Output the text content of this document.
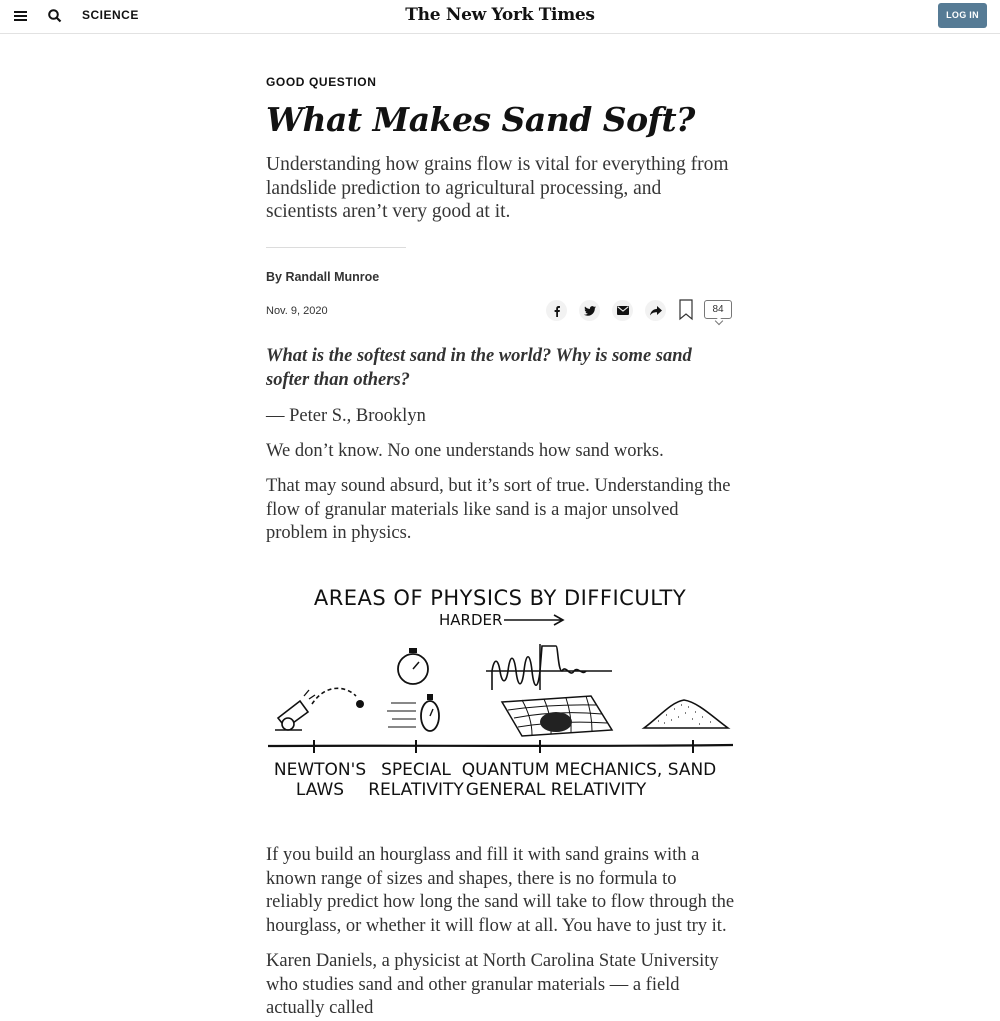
SCIENCE	The New York Times	LOG IN
GOOD QUESTION
What Makes Sand Soft?

Understanding how grains flow is vital for everything from landslide prediction to agricultural processing, and scientists aren’t very good at it.

By Randall Munroe
Nov. 9, 2020	84

What is the softest sand in the world? Why is some sand softer than others?

— Peter S., Brooklyn

We don’t know. No one understands how sand works.

That may sound absurd, but it’s sort of true. Understanding the flow of granular materials like sand is a major unsolved problem in physics.

AREAS OF PHYSICS BY DIFFICULTY
HARDER
NEWTON'S
LAWS
SPECIAL
RELATIVITY
QUANTUM MECHANICS,
GENERAL RELATIVITY
SAND

If you build an hourglass and fill it with sand grains with a known range of sizes and shapes, there is no formula to reliably predict how long the sand will take to flow through the hourglass, or whether it will flow at all. You have to just try it.

Karen Daniels, a physicist at North Carolina State University who studies sand and other granular materials — a field actually called
